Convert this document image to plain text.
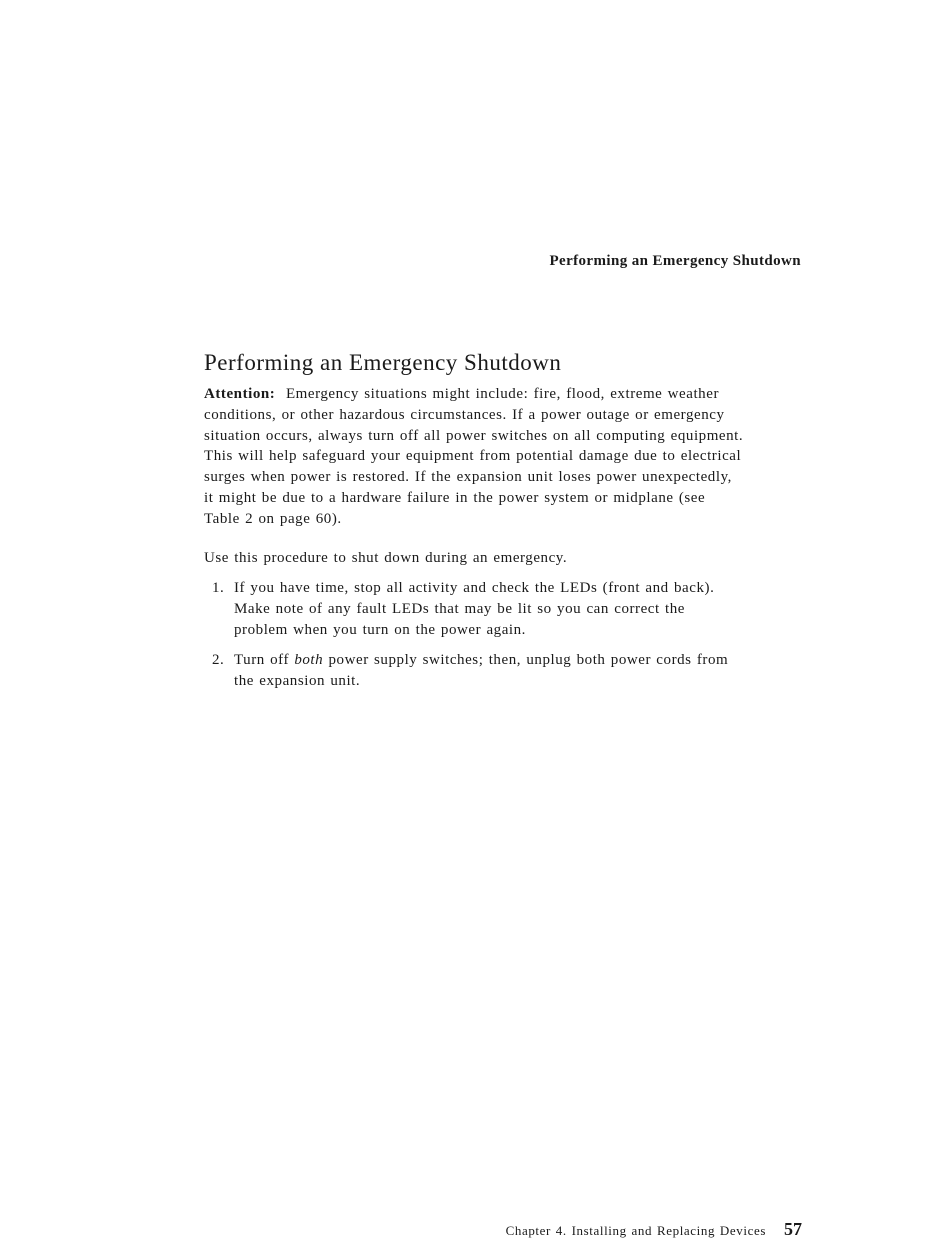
Performing an Emergency Shutdown
Performing an Emergency Shutdown

Attention: Emergency situations might include: fire, flood, extreme weather conditions, or other hazardous circumstances. If a power outage or emergency situation occurs, always turn off all power switches on all computing equipment. This will help safeguard your equipment from potential damage due to electrical surges when power is restored. If the expansion unit loses power unexpectedly, it might be due to a hardware failure in the power system or midplane (see Table 2 on page 60).

Use this procedure to shut down during an emergency.

1. If you have time, stop all activity and check the LEDs (front and back). Make note of any fault LEDs that may be lit so you can correct the problem when you turn on the power again.
2. Turn off both power supply switches; then, unplug both power cords from the expansion unit.
Chapter 4. Installing and Replacing Devices 57
